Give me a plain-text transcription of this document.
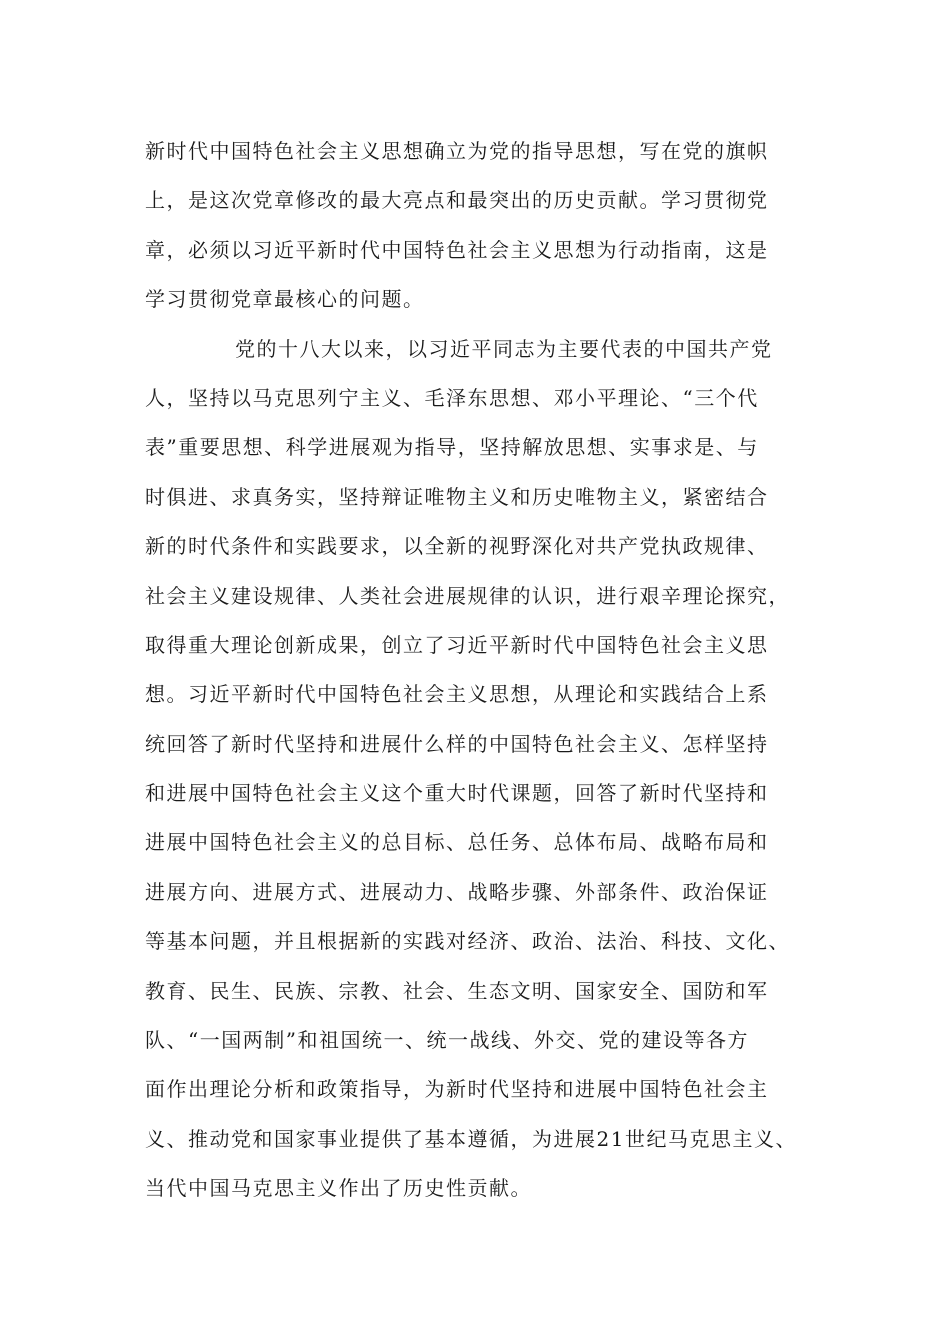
新时代中国特色社会主义思想确立为党的指导思想，写在党的旗帜
上，是这次党章修改的最大亮点和最突出的历史贡献。学习贯彻党
章，必须以习近平新时代中国特色社会主义思想为行动指南，这是
学习贯彻党章最核心的问题。
党的十八大以来，以习近平同志为主要代表的中国共产党
人，坚持以马克思列宁主义、毛泽东思想、邓小平理论、“三个代
表”重要思想、科学进展观为指导，坚持解放思想、实事求是、与
时俱进、求真务实，坚持辩证唯物主义和历史唯物主义，紧密结合
新的时代条件和实践要求，以全新的视野深化对共产党执政规律、
社会主义建设规律、人类社会进展规律的认识，进行艰辛理论探究，
取得重大理论创新成果，创立了习近平新时代中国特色社会主义思
想。习近平新时代中国特色社会主义思想，从理论和实践结合上系
统回答了新时代坚持和进展什么样的中国特色社会主义、怎样坚持
和进展中国特色社会主义这个重大时代课题，回答了新时代坚持和
进展中国特色社会主义的总目标、总任务、总体布局、战略布局和
进展方向、进展方式、进展动力、战略步骤、外部条件、政治保证
等基本问题，并且根据新的实践对经济、政治、法治、科技、文化、
教育、民生、民族、宗教、社会、生态文明、国家安全、国防和军
队、“一国两制”和祖国统一、统一战线、外交、党的建设等各方
面作出理论分析和政策指导，为新时代坚持和进展中国特色社会主
义、推动党和国家事业提供了基本遵循，为进展21世纪马克思主义、
当代中国马克思主义作出了历史性贡献。
